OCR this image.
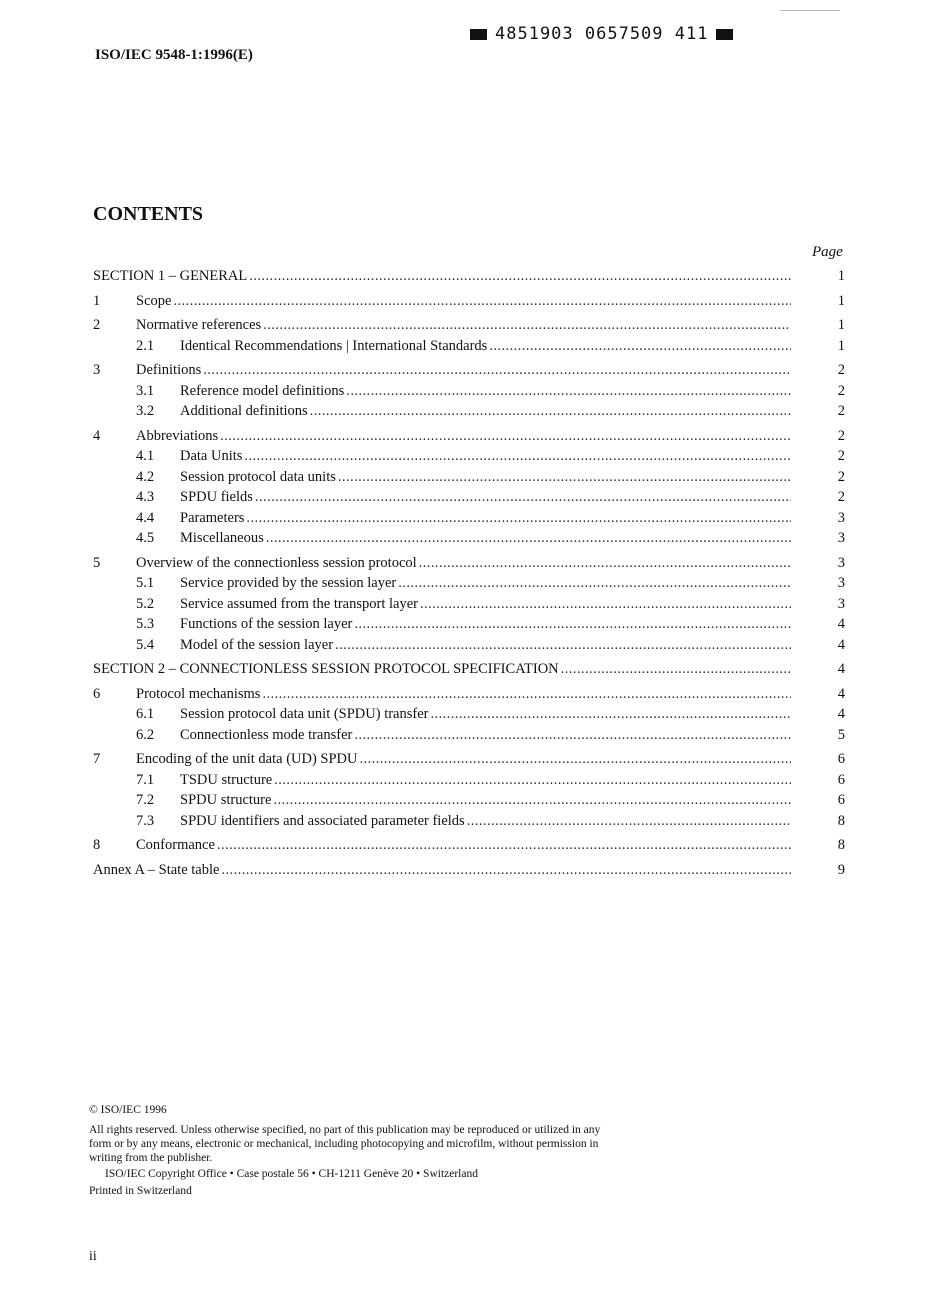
4851903 0657509 411
ISO/IEC 9548-1:1996(E)
CONTENTS
Page
SECTION 1 – GENERAL . . .	1
1 Scope . . .	1
2 Normative references . . .	1
2.1 Identical Recommendations | International Standards . . .	1
3 Definitions . . .	2
3.1 Reference model definitions . . .	2
3.2 Additional definitions . . .	2
4 Abbreviations . . .	2
4.1 Data Units . . .	2
4.2 Session protocol data units . . .	2
4.3 SPDU fields . . .	2
4.4 Parameters . . .	3
4.5 Miscellaneous . . .	3
5 Overview of the connectionless session protocol . . .	3
5.1 Service provided by the session layer . . .	3
5.2 Service assumed from the transport layer . . .	3
5.3 Functions of the session layer . . .	4
5.4 Model of the session layer . . .	4
SECTION 2 – CONNECTIONLESS SESSION PROTOCOL SPECIFICATION . . .	4
6 Protocol mechanisms . . .	4
6.1 Session protocol data unit (SPDU) transfer . . .	4
6.2 Connectionless mode transfer . . .	5
7 Encoding of the unit data (UD) SPDU . . .	6
7.1 TSDU structure . . .	6
7.2 SPDU structure . . .	6
7.3 SPDU identifiers and associated parameter fields . . .	8
8 Conformance . . .	8
Annex A – State table . . .	9
© ISO/IEC 1996
All rights reserved. Unless otherwise specified, no part of this publication may be reproduced or utilized in any form or by any means, electronic or mechanical, including photocopying and microfilm, without permission in writing from the publisher.
ISO/IEC Copyright Office • Case postale 56 • CH-1211 Genève 20 • Switzerland
Printed in Switzerland
ii
